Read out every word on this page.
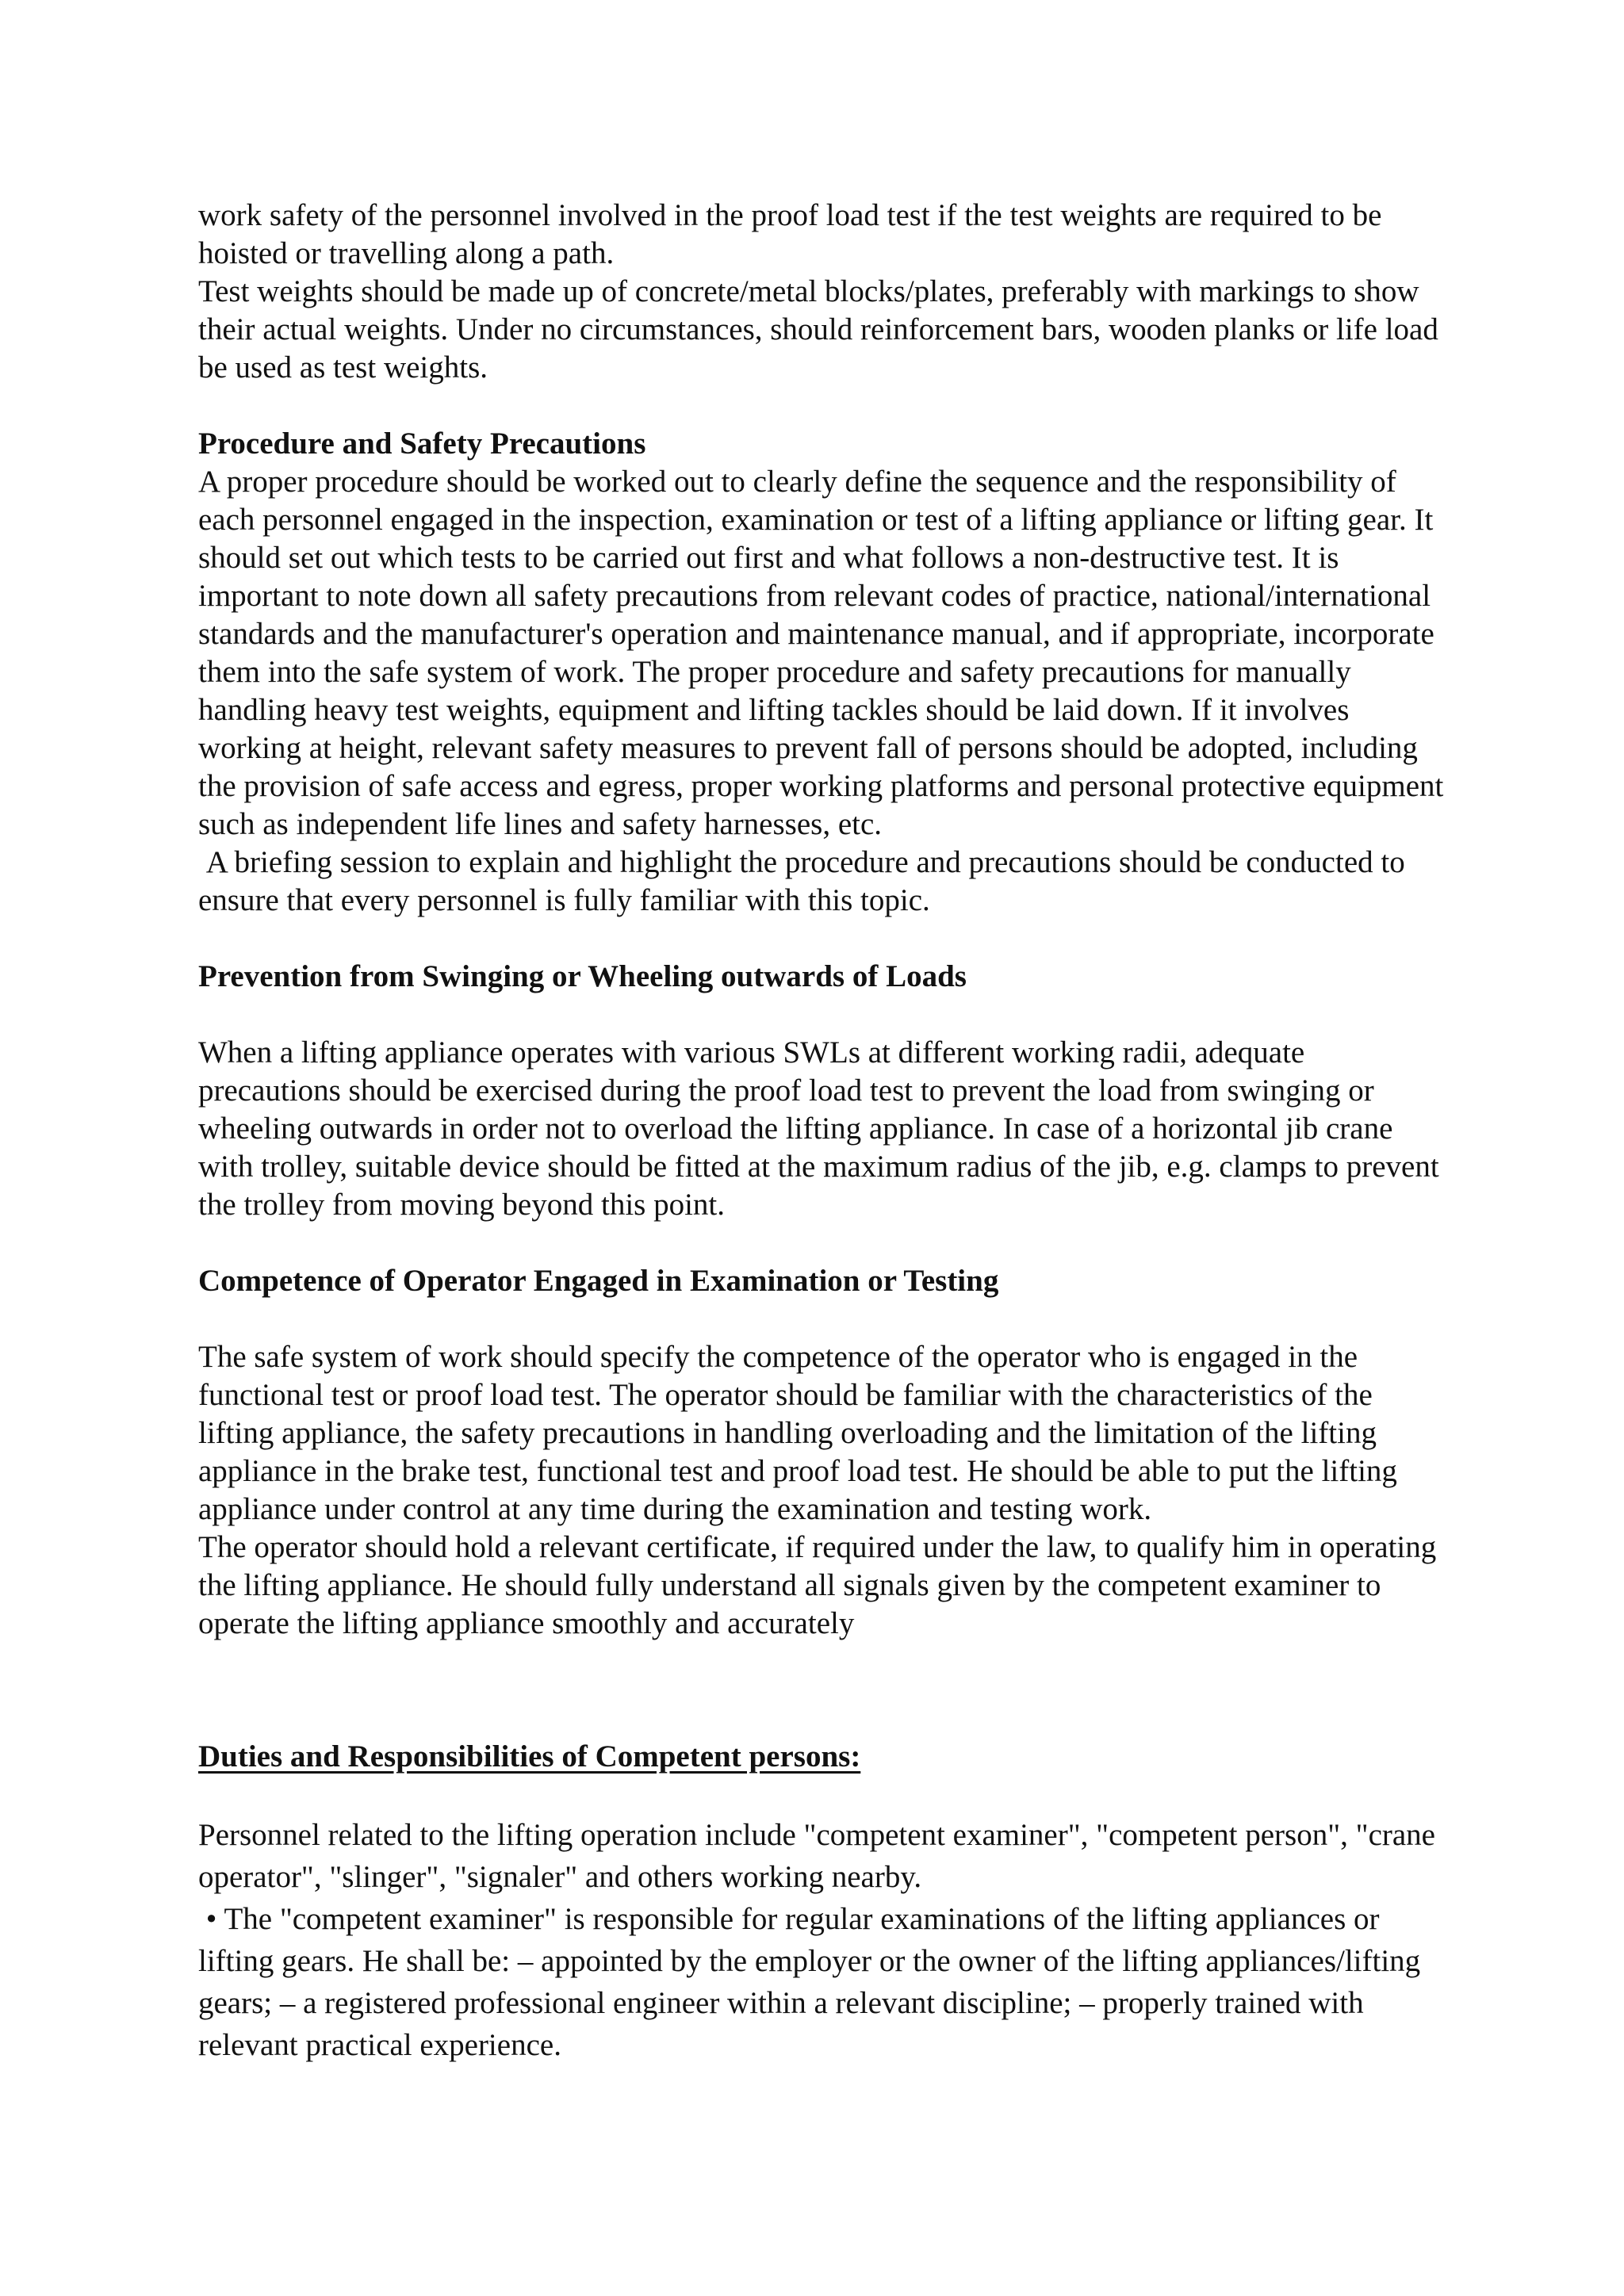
work safety of the personnel involved in the proof load test if the test weights are required to be hoisted or travelling along a path.

Test weights should be made up of concrete/metal blocks/plates, preferably with markings to show their actual weights. Under no circumstances, should reinforcement bars, wooden planks or life load be used as test weights.

Procedure and Safety Precautions

A proper procedure should be worked out to clearly define the sequence and the responsibility of each personnel engaged in the inspection, examination or test of a lifting appliance or lifting gear. It should set out which tests to be carried out first and what follows a non-destructive test. It is important to note down all safety precautions from relevant codes of practice, national/international standards and the manufacturer's operation and maintenance manual, and if appropriate, incorporate them into the safe system of work. The proper procedure and safety precautions for manually handling heavy test weights, equipment and lifting tackles should be laid down. If it involves working at height, relevant safety measures to prevent fall of persons should be adopted, including the provision of safe access and egress, proper working platforms and personal protective equipment such as independent life lines and safety harnesses, etc.

A briefing session to explain and highlight the procedure and precautions should be conducted to ensure that every personnel is fully familiar with this topic.

Prevention from Swinging or Wheeling outwards of Loads

When a lifting appliance operates with various SWLs at different working radii, adequate precautions should be exercised during the proof load test to prevent the load from swinging or wheeling outwards in order not to overload the lifting appliance. In case of a horizontal jib crane with trolley, suitable device should be fitted at the maximum radius of the jib, e.g. clamps to prevent the trolley from moving beyond this point.

Competence of Operator Engaged in Examination or Testing

The safe system of work should specify the competence of the operator who is engaged in the functional test or proof load test. The operator should be familiar with the characteristics of the lifting appliance, the safety precautions in handling overloading and the limitation of the lifting appliance in the brake test, functional test and proof load test. He should be able to put the lifting appliance under control at any time during the examination and testing work.

The operator should hold a relevant certificate, if required under the law, to qualify him in operating the lifting appliance. He should fully understand all signals given by the competent examiner to operate the lifting appliance smoothly and accurately

Duties and Responsibilities of Competent persons:

Personnel related to the lifting operation include "competent examiner", "competent person", "crane operator", "slinger", "signaler" and others working nearby.

• The "competent examiner" is responsible for regular examinations of the lifting appliances or lifting gears. He shall be: – appointed by the employer or the owner of the lifting appliances/lifting gears; – a registered professional engineer within a relevant discipline; – properly trained with relevant practical experience.
